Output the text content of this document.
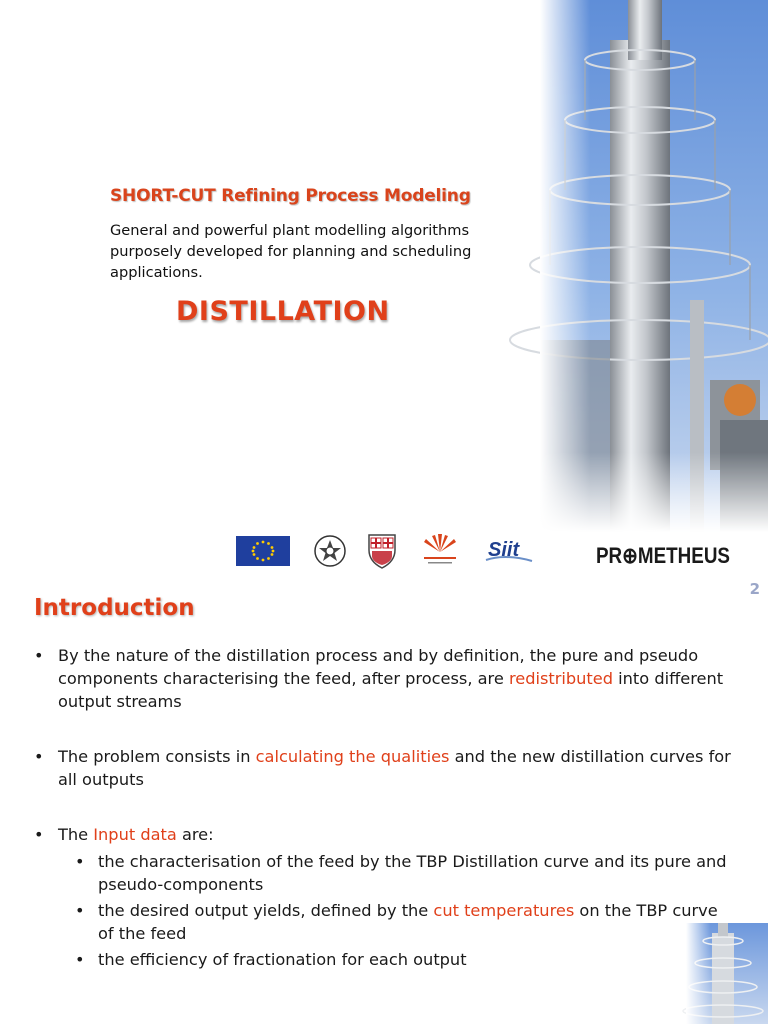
SHORT-CUT Refining Process Modeling
General and powerful plant modelling algorithms purposely developed for planning and scheduling applications.
DISTILLATION
Siit	PR⊕METHEUS
2
Introduction
• By the nature of the distillation process and by definition, the pure and pseudo components characterising the feed, after process, are redistributed into different output streams
• The problem consists in calculating the qualities and the new distillation curves for all outputs
• The Input data are:
• the characterisation of the feed by the TBP Distillation curve and its pure and pseudo-components
• the desired output yields, defined by the cut temperatures on the TBP curve of the feed
• the efficiency of fractionation for each output
